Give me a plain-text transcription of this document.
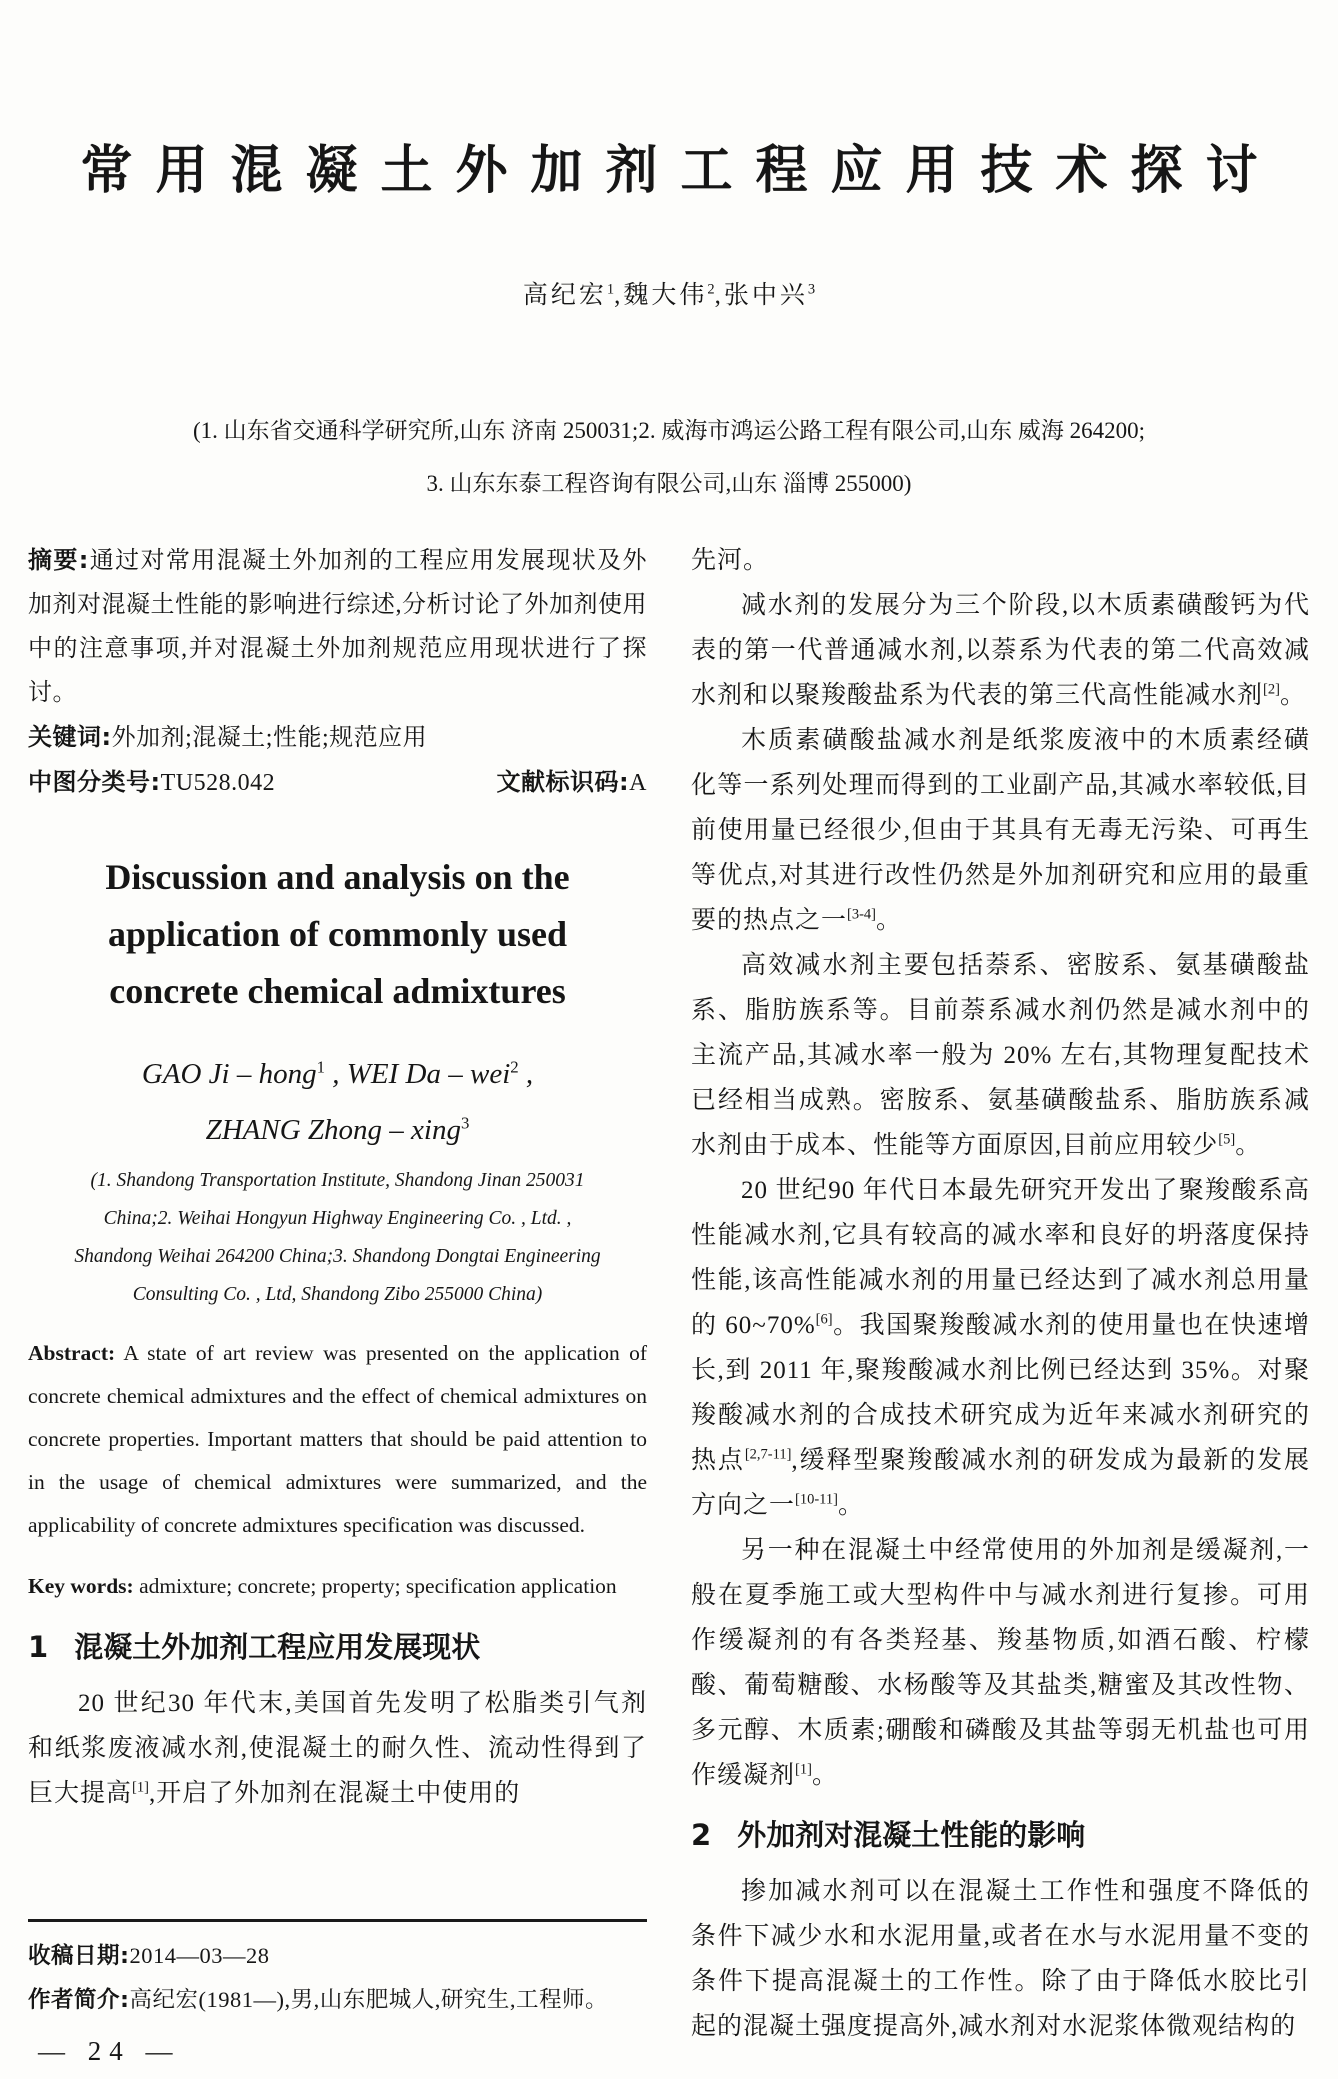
常用混凝土外加剂工程应用技术探讨
高纪宏$^1$,魏大伟$^2$,张中兴$^3$
(1. 山东省交通科学研究所,山东 济南 250031;2. 威海市鸿运公路工程有限公司,山东 威海 264200;
3. 山东东泰工程咨询有限公司,山东 淄博 255000)

摘要:通过对常用混凝土外加剂的工程应用发展现状及外加剂对混凝土性能的影响进行综述,分析讨论了外加剂使用中的注意事项,并对混凝土外加剂规范应用现状进行了探讨。

关键词:外加剂;混凝土;性能;规范应用

中图分类号:TU528.042	文献标识码:A
Discussion and analysis on the
application of commonly used
concrete chemical admixtures
GAO Ji – hong$^1$ , WEI Da – wei$^2$ ,
ZHANG Zhong – xing$^3$
(1. Shandong Transportation Institute, Shandong Jinan 250031
China;2. Weihai Hongyun Highway Engineering Co. , Ltd. ,
Shandong Weihai 264200 China;3. Shandong Dongtai Engineering
Consulting Co. , Ltd, Shandong Zibo 255000 China)

Abstract: A state of art review was presented on the application of concrete chemical admixtures and the effect of chemical admixtures on concrete properties. Important matters that should be paid attention to in the usage of chemical admixtures were summarized, and the applicability of concrete admixtures specification was discussed.

Key words: admixture; concrete; property; specification application

1 混凝土外加剂工程应用发展现状

20 世纪30 年代末,美国首先发明了松脂类引气剂和纸浆废液减水剂,使混凝土的耐久性、流动性得到了巨大提高[1],开启了外加剂在混凝土中使用的

先河。

减水剂的发展分为三个阶段,以木质素磺酸钙为代表的第一代普通减水剂,以萘系为代表的第二代高效减水剂和以聚羧酸盐系为代表的第三代高性能减水剂[2]。

木质素磺酸盐减水剂是纸浆废液中的木质素经磺化等一系列处理而得到的工业副产品,其减水率较低,目前使用量已经很少,但由于其具有无毒无污染、可再生等优点,对其进行改性仍然是外加剂研究和应用的最重要的热点之一[3-4]。

高效减水剂主要包括萘系、密胺系、氨基磺酸盐系、脂肪族系等。目前萘系减水剂仍然是减水剂中的主流产品,其减水率一般为 20% 左右,其物理复配技术已经相当成熟。密胺系、氨基磺酸盐系、脂肪族系减水剂由于成本、性能等方面原因,目前应用较少[5]。

20 世纪90 年代日本最先研究开发出了聚羧酸系高性能减水剂,它具有较高的减水率和良好的坍落度保持性能,该高性能减水剂的用量已经达到了减水剂总用量的 60~70%[6]。我国聚羧酸减水剂的使用量也在快速增长,到 2011 年,聚羧酸减水剂比例已经达到 35%。对聚羧酸减水剂的合成技术研究成为近年来减水剂研究的热点[2,7-11],缓释型聚羧酸减水剂的研发成为最新的发展方向之一[10-11]。

另一种在混凝土中经常使用的外加剂是缓凝剂,一般在夏季施工或大型构件中与减水剂进行复掺。可用作缓凝剂的有各类羟基、羧基物质,如酒石酸、柠檬酸、葡萄糖酸、水杨酸等及其盐类,糖蜜及其改性物、多元醇、木质素;硼酸和磷酸及其盐等弱无机盐也可用作缓凝剂[1]。

2 外加剂对混凝土性能的影响

掺加减水剂可以在混凝土工作性和强度不降低的条件下减少水和水泥用量,或者在水与水泥用量不变的条件下提高混凝土的工作性。除了由于降低水胶比引起的混凝土强度提高外,减水剂对水泥浆体微观结构的

收稿日期:2014—03—28
作者简介:高纪宏(1981—),男,山东肥城人,研究生,工程师。
— 24 —
